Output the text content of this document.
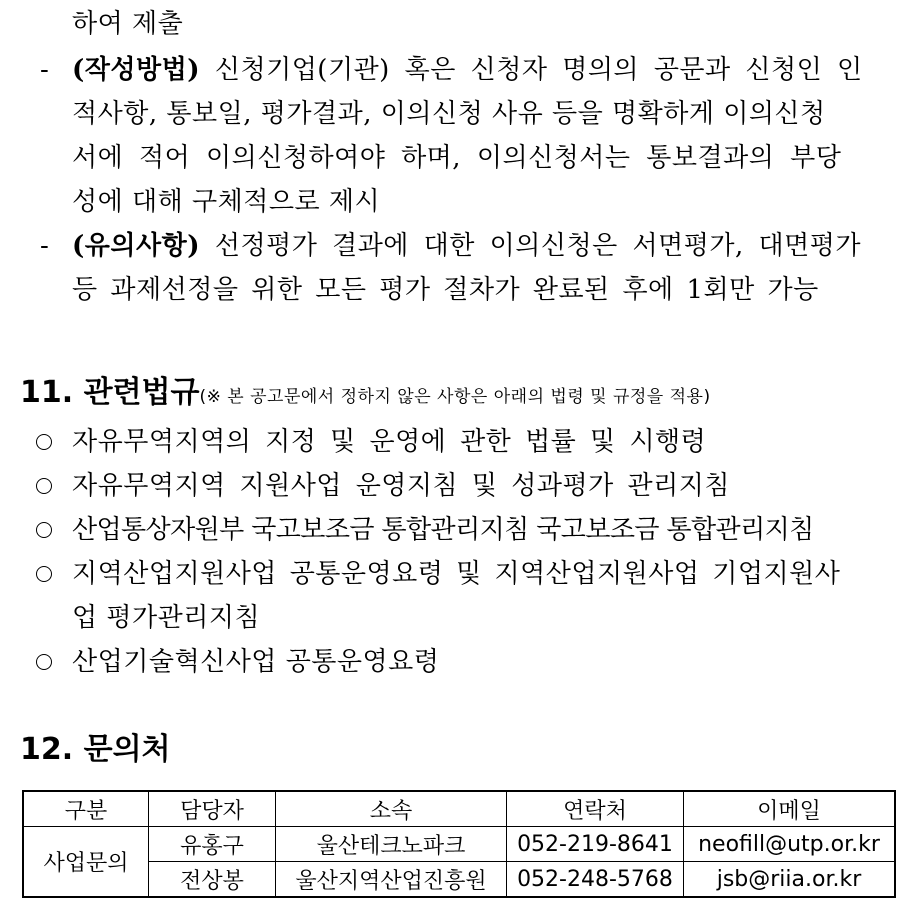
하여 제출
- (작성방법) 신청기업(기관) 혹은 신청자 명의의 공문과 신청인 인
적사항, 통보일, 평가결과, 이의신청 사유 등을 명확하게 이의신청
서에 적어 이의신청하여야 하며, 이의신청서는 통보결과의 부당
성에 대해 구체적으로 제시
- (유의사항) 선정평가 결과에 대한 이의신청은 서면평가, 대면평가
등 과제선정을 위한 모든 평가 절차가 완료된 후에 1회만 가능
11. 관련법규(※ 본 공고문에서 정하지 않은 사항은 아래의 법령 및 규정을 적용)
자유무역지역의 지정 및 운영에 관한 법률 및 시행령
자유무역지역 지원사업 운영지침 및 성과평가 관리지침
산업통상자원부 국고보조금 통합관리지침 국고보조금 통합관리지침
지역산업지원사업 공통운영요령 및 지역산업지원사업 기업지원사
업 평가관리지침
산업기술혁신사업 공통운영요령
12. 문의처
구분	담당자	소속	연락처	이메일
사업문의	유홍구	울산테크노파크	052-219-8641	neofill@utp.or.kr
	전상봉	울산지역산업진흥원	052-248-5768	jsb@riia.or.kr
